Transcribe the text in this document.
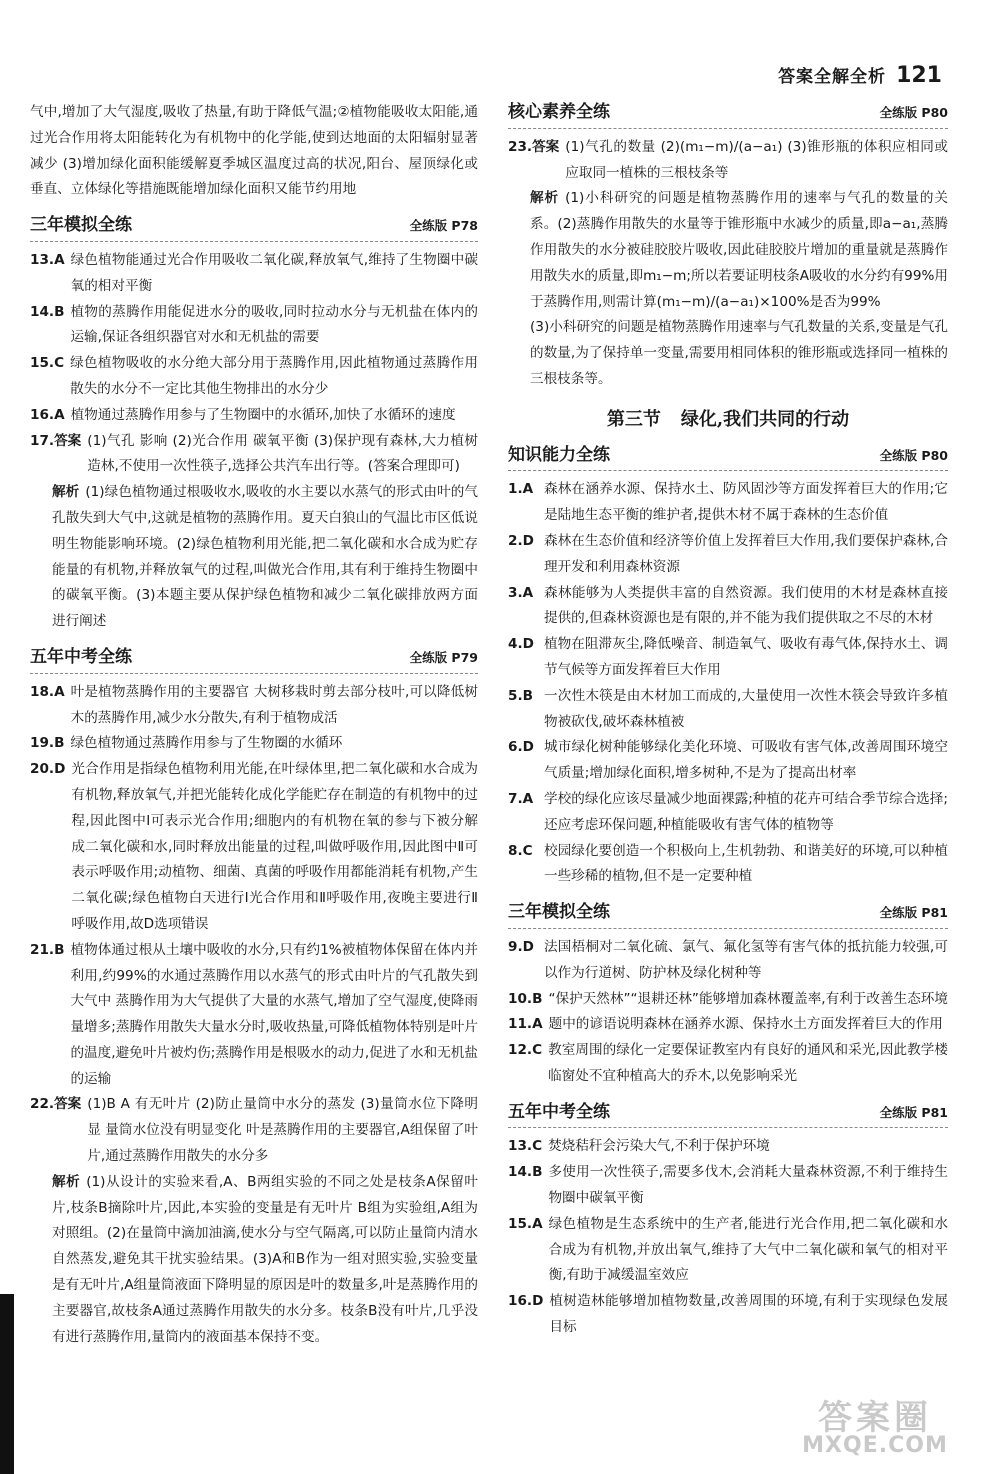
答案全解全析 121

气中,增加了大气湿度,吸收了热量,有助于降低气温;②植物能吸收太阳能,通过光合作用将太阳能转化为有机物中的化学能,使到达地面的太阳辐射显著减少 (3)增加绿化面积能缓解夏季城区温度过高的状况,阳台、屋顶绿化或垂直、立体绿化等措施既能增加绿化面积又能节约用地

三年模拟全练	全练版 P78
13.A 绿色植物能通过光合作用吸收二氧化碳,释放氧气,维持了生物圈中碳氧的相对平衡
14.B 植物的蒸腾作用能促进水分的吸收,同时拉动水分与无机盐在体内的运输,保证各组织器官对水和无机盐的需要
15.C 绿色植物吸收的水分绝大部分用于蒸腾作用,因此植物通过蒸腾作用散失的水分不一定比其他生物排出的水分少
16.A 植物通过蒸腾作用参与了生物圈中的水循环,加快了水循环的速度
17.答案 (1)气孔 影响 (2)光合作用 碳氧平衡 (3)保护现有森林,大力植树造林,不使用一次性筷子,选择公共汽车出行等。(答案合理即可)

解析 (1)绿色植物通过根吸收水,吸收的水主要以水蒸气的形式由叶的气孔散失到大气中,这就是植物的蒸腾作用。夏天白狼山的气温比市区低说明生物能影响环境。(2)绿色植物利用光能,把二氧化碳和水合成为贮存能量的有机物,并释放氧气的过程,叫做光合作用,其有利于维持生物圈中的碳氧平衡。(3)本题主要从保护绿色植物和减少二氧化碳排放两方面进行阐述

五年中考全练	全练版 P79
18.A 叶是植物蒸腾作用的主要器官 大树移栽时剪去部分枝叶,可以降低树木的蒸腾作用,减少水分散失,有利于植物成活
19.B 绿色植物通过蒸腾作用参与了生物圈的水循环
20.D 光合作用是指绿色植物利用光能,在叶绿体里,把二氧化碳和水合成为有机物,释放氧气,并把光能转化成化学能贮存在制造的有机物中的过程,因此图中Ⅰ可表示光合作用;细胞内的有机物在氧的参与下被分解成二氧化碳和水,同时释放出能量的过程,叫做呼吸作用,因此图中Ⅱ可表示呼吸作用;动植物、细菌、真菌的呼吸作用都能消耗有机物,产生二氧化碳;绿色植物白天进行Ⅰ光合作用和Ⅱ呼吸作用,夜晚主要进行Ⅱ呼吸作用,故D选项错误
21.B 植物体通过根从土壤中吸收的水分,只有约1%被植物体保留在体内并利用,约99%的水通过蒸腾作用以水蒸气的形式由叶片的气孔散失到大气中 蒸腾作用为大气提供了大量的水蒸气,增加了空气湿度,使降雨量增多;蒸腾作用散失大量水分时,吸收热量,可降低植物体特别是叶片的温度,避免叶片被灼伤;蒸腾作用是根吸水的动力,促进了水和无机盐的运输
22.答案 (1)B A 有无叶片 (2)防止量筒中水分的蒸发 (3)量筒水位下降明显 量筒水位没有明显变化 叶是蒸腾作用的主要器官,A组保留了叶片,通过蒸腾作用散失的水分多

解析 (1)从设计的实验来看,A、B两组实验的不同之处是枝条A保留叶片,枝条B摘除叶片,因此,本实验的变量是有无叶片 B组为实验组,A组为对照组。(2)在量筒中滴加油滴,使水分与空气隔离,可以防止量筒内清水自然蒸发,避免其干扰实验结果。(3)A和B作为一组对照实验,实验变量是有无叶片,A组量筒液面下降明显的原因是叶的数量多,叶是蒸腾作用的主要器官,故枝条A通过蒸腾作用散失的水分多。枝条B没有叶片,几乎没有进行蒸腾作用,量筒内的液面基本保持不变。

核心素养全练	全练版 P80
23.答案 (1)气孔的数量 (2)(m₁−m)/(a−a₁) (3)锥形瓶的体积应相同或应取同一植株的三根枝条等

解析 (1)小科研究的问题是植物蒸腾作用的速率与气孔的数量的关系。(2)蒸腾作用散失的水量等于锥形瓶中水减少的质量,即a−a₁,蒸腾作用散失的水分被硅胶胶片吸收,因此硅胶胶片增加的重量就是蒸腾作用散失水的质量,即m₁−m;所以若要证明枝条A吸收的水分约有99%用于蒸腾作用,则需计算(m₁−m)/(a−a₁)×100%是否为99%

(3)小科研究的问题是植物蒸腾作用速率与气孔数量的关系,变量是气孔的数量,为了保持单一变量,需要用相同体积的锥形瓶或选择同一植株的三根枝条等。

第三节 绿化,我们共同的行动
知识能力全练	全练版 P80
1.A 森林在涵养水源、保持水土、防风固沙等方面发挥着巨大的作用;它是陆地生态平衡的维护者,提供木材不属于森林的生态价值
2.D 森林在生态价值和经济等价值上发挥着巨大作用,我们要保护森林,合理开发和利用森林资源
3.A 森林能够为人类提供丰富的自然资源。我们使用的木材是森林直接提供的,但森林资源也是有限的,并不能为我们提供取之不尽的木材
4.D 植物在阻滞灰尘,降低噪音、制造氧气、吸收有毒气体,保持水土、调节气候等方面发挥着巨大作用
5.B 一次性木筷是由木材加工而成的,大量使用一次性木筷会导致许多植物被砍伐,破坏森林植被
6.D 城市绿化树种能够绿化美化环境、可吸收有害气体,改善周围环境空气质量;增加绿化面积,增多树种,不是为了提高出材率
7.A 学校的绿化应该尽量减少地面裸露;种植的花卉可结合季节综合选择;还应考虑环保问题,种植能吸收有害气体的植物等
8.C 校园绿化要创造一个积极向上,生机勃勃、和谐美好的环境,可以种植一些珍稀的植物,但不是一定要种植
三年模拟全练	全练版 P81
9.D 法国梧桐对二氧化硫、氯气、氟化氢等有害气体的抵抗能力较强,可以作为行道树、防护林及绿化树种等
10.B “保护天然林”“退耕还林”能够增加森林覆盖率,有利于改善生态环境
11.A 题中的谚语说明森林在涵养水源、保持水土方面发挥着巨大的作用
12.C 教室周围的绿化一定要保证教室内有良好的通风和采光,因此教学楼临窗处不宜种植高大的乔木,以免影响采光
五年中考全练	全练版 P81
13.C 焚烧秸秆会污染大气,不利于保护环境
14.B 多使用一次性筷子,需要多伐木,会消耗大量森林资源,不利于维持生物圈中碳氧平衡
15.A 绿色植物是生态系统中的生产者,能进行光合作用,把二氧化碳和水合成为有机物,并放出氧气,维持了大气中二氧化碳和氧气的相对平衡,有助于减缓温室效应
16.D 植树造林能够增加植物数量,改善周围的环境,有利于实现绿色发展目标
答案圈
MXQE.COM
